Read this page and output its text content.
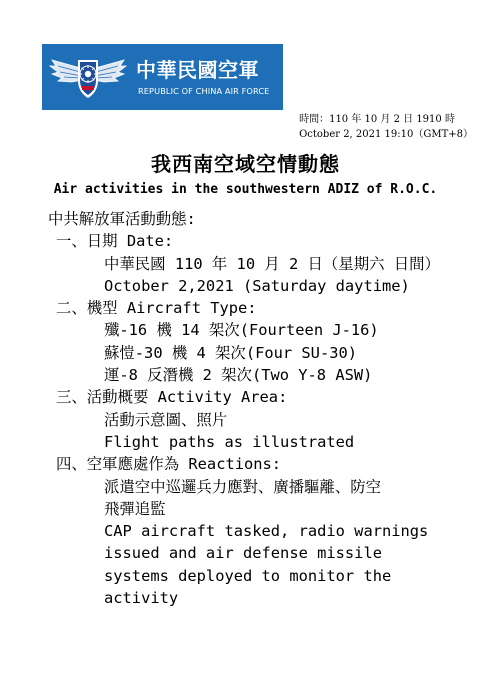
中華民國空軍
REPUBLIC OF CHINA AIR FORCE
時間：110 年 10 月 2 日 1910 時
October 2, 2021 19:10（GMT+8）
我西南空域空情動態
Air activities in the southwestern ADIZ of R.O.C.
中共解放軍活動動態:
一、日期 Date:
中華民國 110 年 10 月 2 日（星期六 日間）
October 2,2021 (Saturday daytime)
二、機型 Aircraft Type:
殲-16 機 14 架次(Fourteen J-16)
蘇愷-30 機 4 架次(Four SU-30)
運-8 反潛機 2 架次(Two Y-8 ASW)
三、活動概要 Activity Area:
活動示意圖、照片
Flight paths as illustrated
四、空軍應處作為 Reactions:
派遣空中巡邏兵力應對、廣播驅離、防空
飛彈追監
CAP aircraft tasked, radio warnings
issued and air defense missile
systems deployed to monitor the
activity
